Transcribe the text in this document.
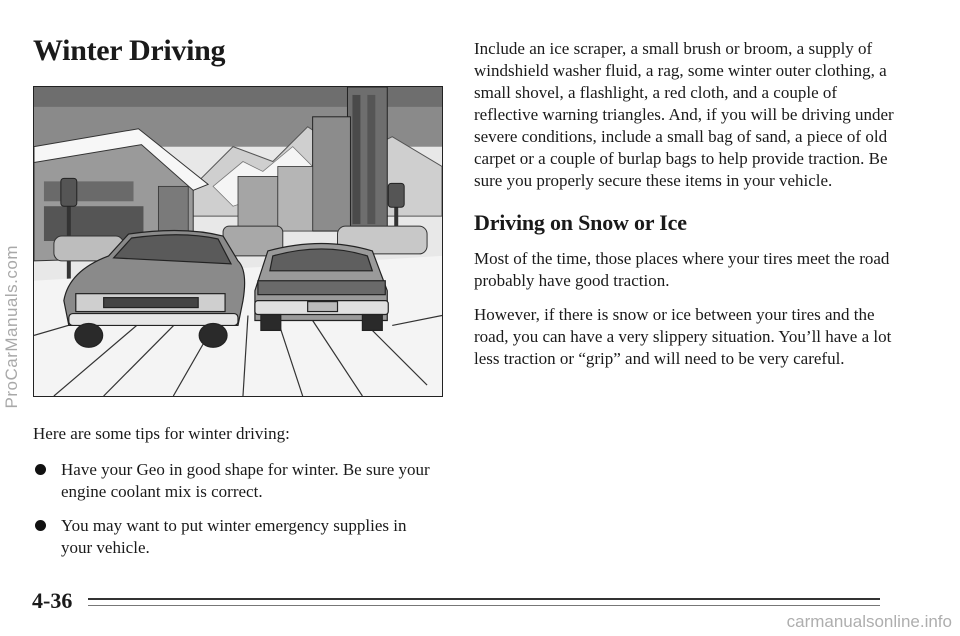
ProCarManuals.com
Winter Driving

Here are some tips for winter driving:

Have your Geo in good shape for winter. Be sure your engine coolant mix is correct.
You may want to put winter emergency supplies in your vehicle.

Include an ice scraper, a small brush or broom, a supply of windshield washer fluid, a rag, some winter outer clothing, a small shovel, a flashlight, a red cloth, and a couple of reflective warning triangles. And, if you will be driving under severe conditions, include a small bag of sand, a piece of old carpet or a couple of burlap bags to help provide traction. Be sure you properly secure these items in your vehicle.

Driving on Snow or Ice

Most of the time, those places where your tires meet the road probably have good traction.

However, if there is snow or ice between your tires and the road, you can have a very slippery situation. You’ll have a lot less traction or “grip” and will need to be very careful.

4-36
carmanualsonline.info
